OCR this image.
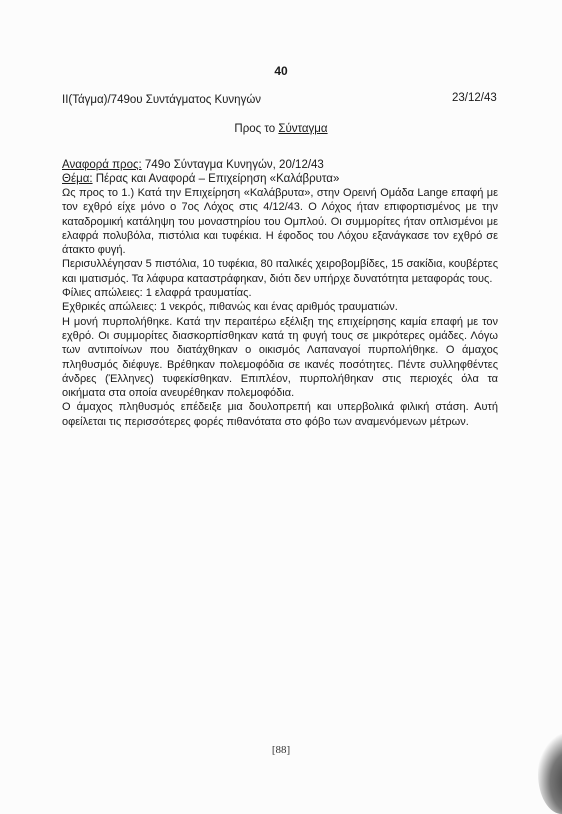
40
II(Τάγμα)/749ου Συντάγματος Κυνηγών	23/12/43
Προς το Σύνταγμα
Αναφορά προς: 749ο Σύνταγμα Κυνηγών, 20/12/43
Θέμα: Πέρας και Αναφορά – Επιχείρηση «Καλάβρυτα»

Ως προς το 1.) Κατά την Επιχείρηση «Καλάβρυτα», στην Ορεινή Ομάδα Lange επαφή με τον εχθρό είχε μόνο ο 7ος Λόχος στις 4/12/43. Ο Λόχος ήταν επιφορτισμένος με την καταδρομική κατάληψη του μοναστηρίου του Ομπλού. Οι συμμορίτες ήταν οπλισμένοι με ελαφρά πολυβόλα, πιστόλια και τυφέκια. Η έφοδος του Λόχου εξανάγκασε τον εχθρό σε άτακτο φυγή.

Περισυλλέγησαν 5 πιστόλια, 10 τυφέκια, 80 ιταλικές χειροβομβίδες, 15 σακίδια, κουβέρτες και ιματισμός. Τα λάφυρα καταστράφηκαν, διότι δεν υπήρχε δυνατότητα μεταφοράς τους.

Φίλιες απώλειες: 1 ελαφρά τραυματίας.

Εχθρικές απώλειες: 1 νεκρός, πιθανώς και ένας αριθμός τραυματιών.

Η μονή πυρπολήθηκε. Κατά την περαιτέρω εξέλιξη της επιχείρησης καμία επαφή με τον εχθρό. Οι συμμορίτες διασκορπίσθηκαν κατά τη φυγή τους σε μικρότερες ομάδες. Λόγω των αντιποίνων που διατάχθηκαν ο οικισμός Λαπαναγοί πυρπολήθηκε. Ο άμαχος πληθυσμός διέφυγε. Βρέθηκαν πολεμοφόδια σε ικανές ποσότητες. Πέντε συλληφθέντες άνδρες (Έλληνες) τυφεκίσθηκαν. Επιπλέον, πυρπολήθηκαν στις περιοχές όλα τα οικήματα στα οποία ανευρέθηκαν πολεμοφόδια.

Ο άμαχος πληθυσμός επέδειξε μια δουλοπρεπή και υπερβολικά φιλική στάση. Αυτή οφείλεται τις περισσότερες φορές πιθανότατα στο φόβο των αναμενόμενων μέτρων.

[88]
